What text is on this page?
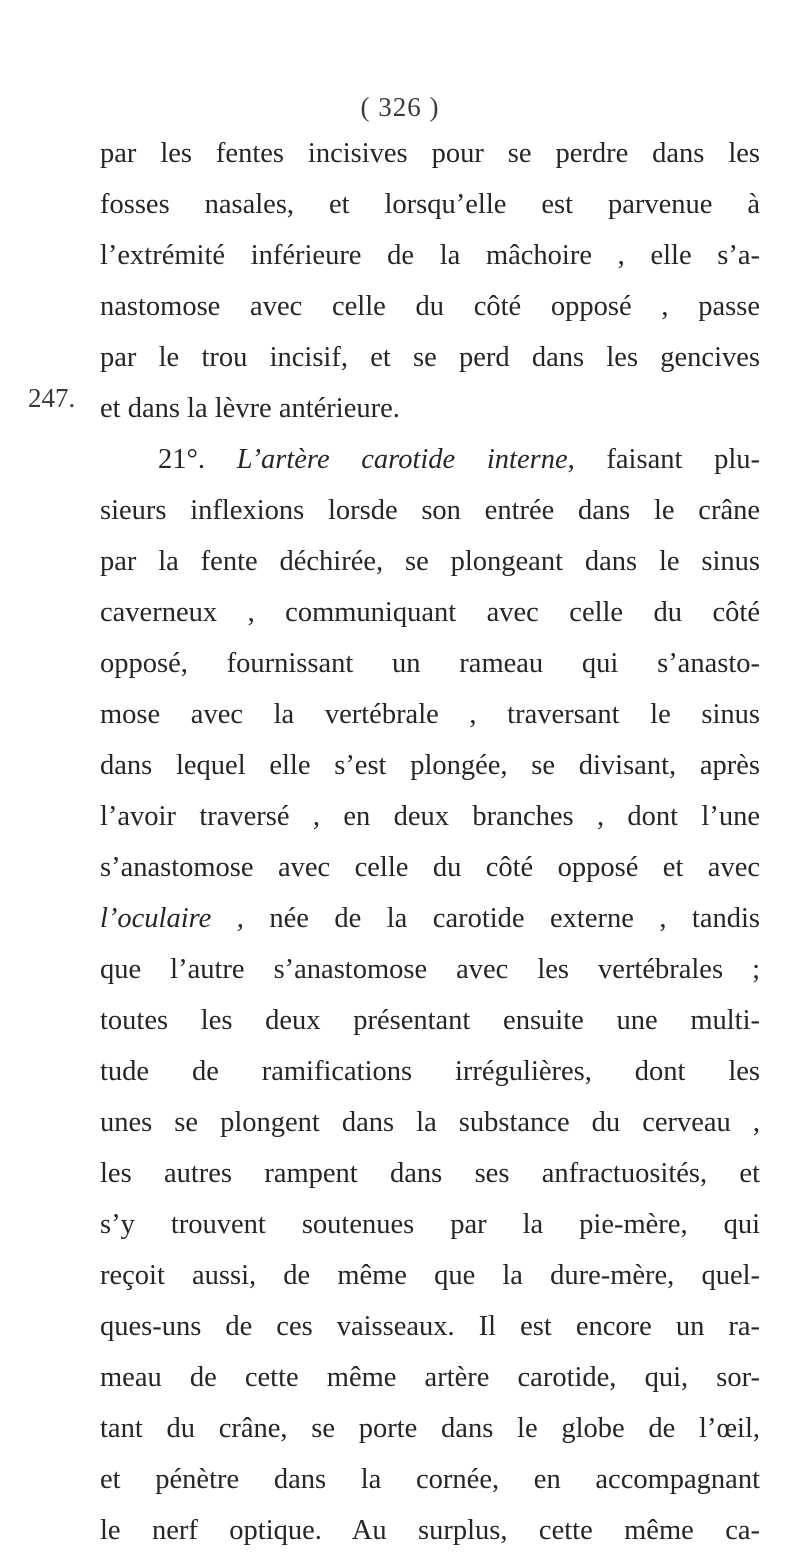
( 326 )
247.
par les fentes incisives pour se perdre dans les
fosses nasales, et lorsqu’elle est parvenue à
l’extrémité inférieure de la mâchoire , elle s’a-
nastomose avec celle du côté opposé , passe
par le trou incisif, et se perd dans les gencives
et dans la lèvre antérieure.
21°. L’artère carotide interne, faisant plu-
sieurs inflexions lorsde son entrée dans le crâne
par la fente déchirée, se plongeant dans le sinus
caverneux , communiquant avec celle du côté
opposé, fournissant un rameau qui s’anasto-
mose avec la vertébrale , traversant le sinus
dans lequel elle s’est plongée, se divisant, après
l’avoir traversé , en deux branches , dont l’une
s’anastomose avec celle du côté opposé et avec
l’oculaire , née de la carotide externe , tandis
que l’autre s’anastomose avec les vertébrales ;
toutes les deux présentant ensuite une multi-
tude de ramifications irrégulières, dont les
unes se plongent dans la substance du cerveau ,
les autres rampent dans ses anfractuosités, et
s’y trouvent soutenues par la pie-mère, qui
reçoit aussi, de même que la dure-mère, quel-
ques-uns de ces vaisseaux. Il est encore un ra-
meau de cette même artère carotide, qui, sor-
tant du crâne, se porte dans le globe de l’œil,
et pénètre dans la cornée, en accompagnant
le nerf optique. Au surplus, cette même ca-
